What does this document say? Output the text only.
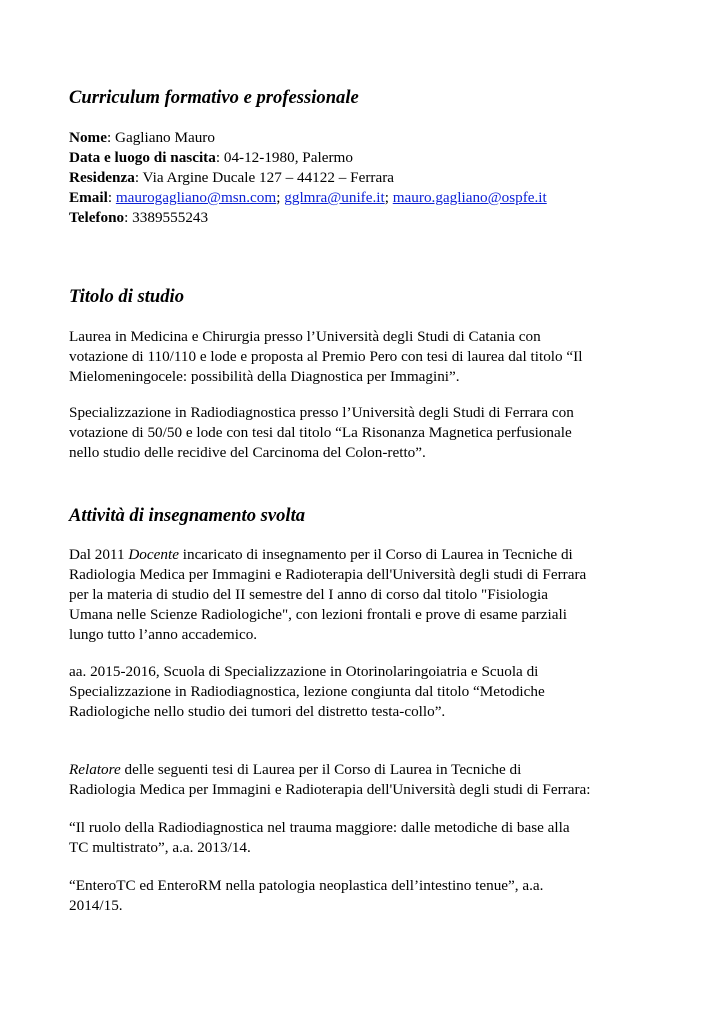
Curriculum formativo e professionale
Nome: Gagliano Mauro
Data e luogo di nascita: 04-12-1980, Palermo
Residenza: Via Argine Ducale 127 – 44122 – Ferrara
Email: maurogagliano@msn.com; gglmra@unife.it; mauro.gagliano@ospfe.it
Telefono: 3389555243
Titolo di studio
Laurea in Medicina e Chirurgia presso l’Università degli Studi di Catania con
votazione di 110/110 e lode e proposta al Premio Pero con tesi di laurea dal titolo “Il
Mielomeningocele: possibilità della Diagnostica per Immagini”.
Specializzazione in Radiodiagnostica presso l’Università degli Studi di Ferrara con
votazione di 50/50 e lode con tesi dal titolo “La Risonanza Magnetica perfusionale
nello studio delle recidive del Carcinoma del Colon-retto”.
Attività di insegnamento svolta
Dal 2011 Docente incaricato di insegnamento per il Corso di Laurea in Tecniche di
Radiologia Medica per Immagini e Radioterapia dell'Università degli studi di Ferrara
per la materia di studio del II semestre del I anno di corso dal titolo "Fisiologia
Umana nelle Scienze Radiologiche", con lezioni frontali e prove di esame parziali
lungo tutto l’anno accademico.
aa. 2015-2016, Scuola di Specializzazione in Otorinolaringoiatria e Scuola di
Specializzazione in Radiodiagnostica, lezione congiunta dal titolo “Metodiche
Radiologiche nello studio dei tumori del distretto testa-collo”.
Relatore delle seguenti tesi di Laurea per il Corso di Laurea in Tecniche di
Radiologia Medica per Immagini e Radioterapia dell'Università degli studi di Ferrara:
“Il ruolo della Radiodiagnostica nel trauma maggiore: dalle metodiche di base alla
TC multistrato”, a.a. 2013/14.
“EnteroTC ed EnteroRM nella patologia neoplastica dell’intestino tenue”, a.a.
2014/15.
